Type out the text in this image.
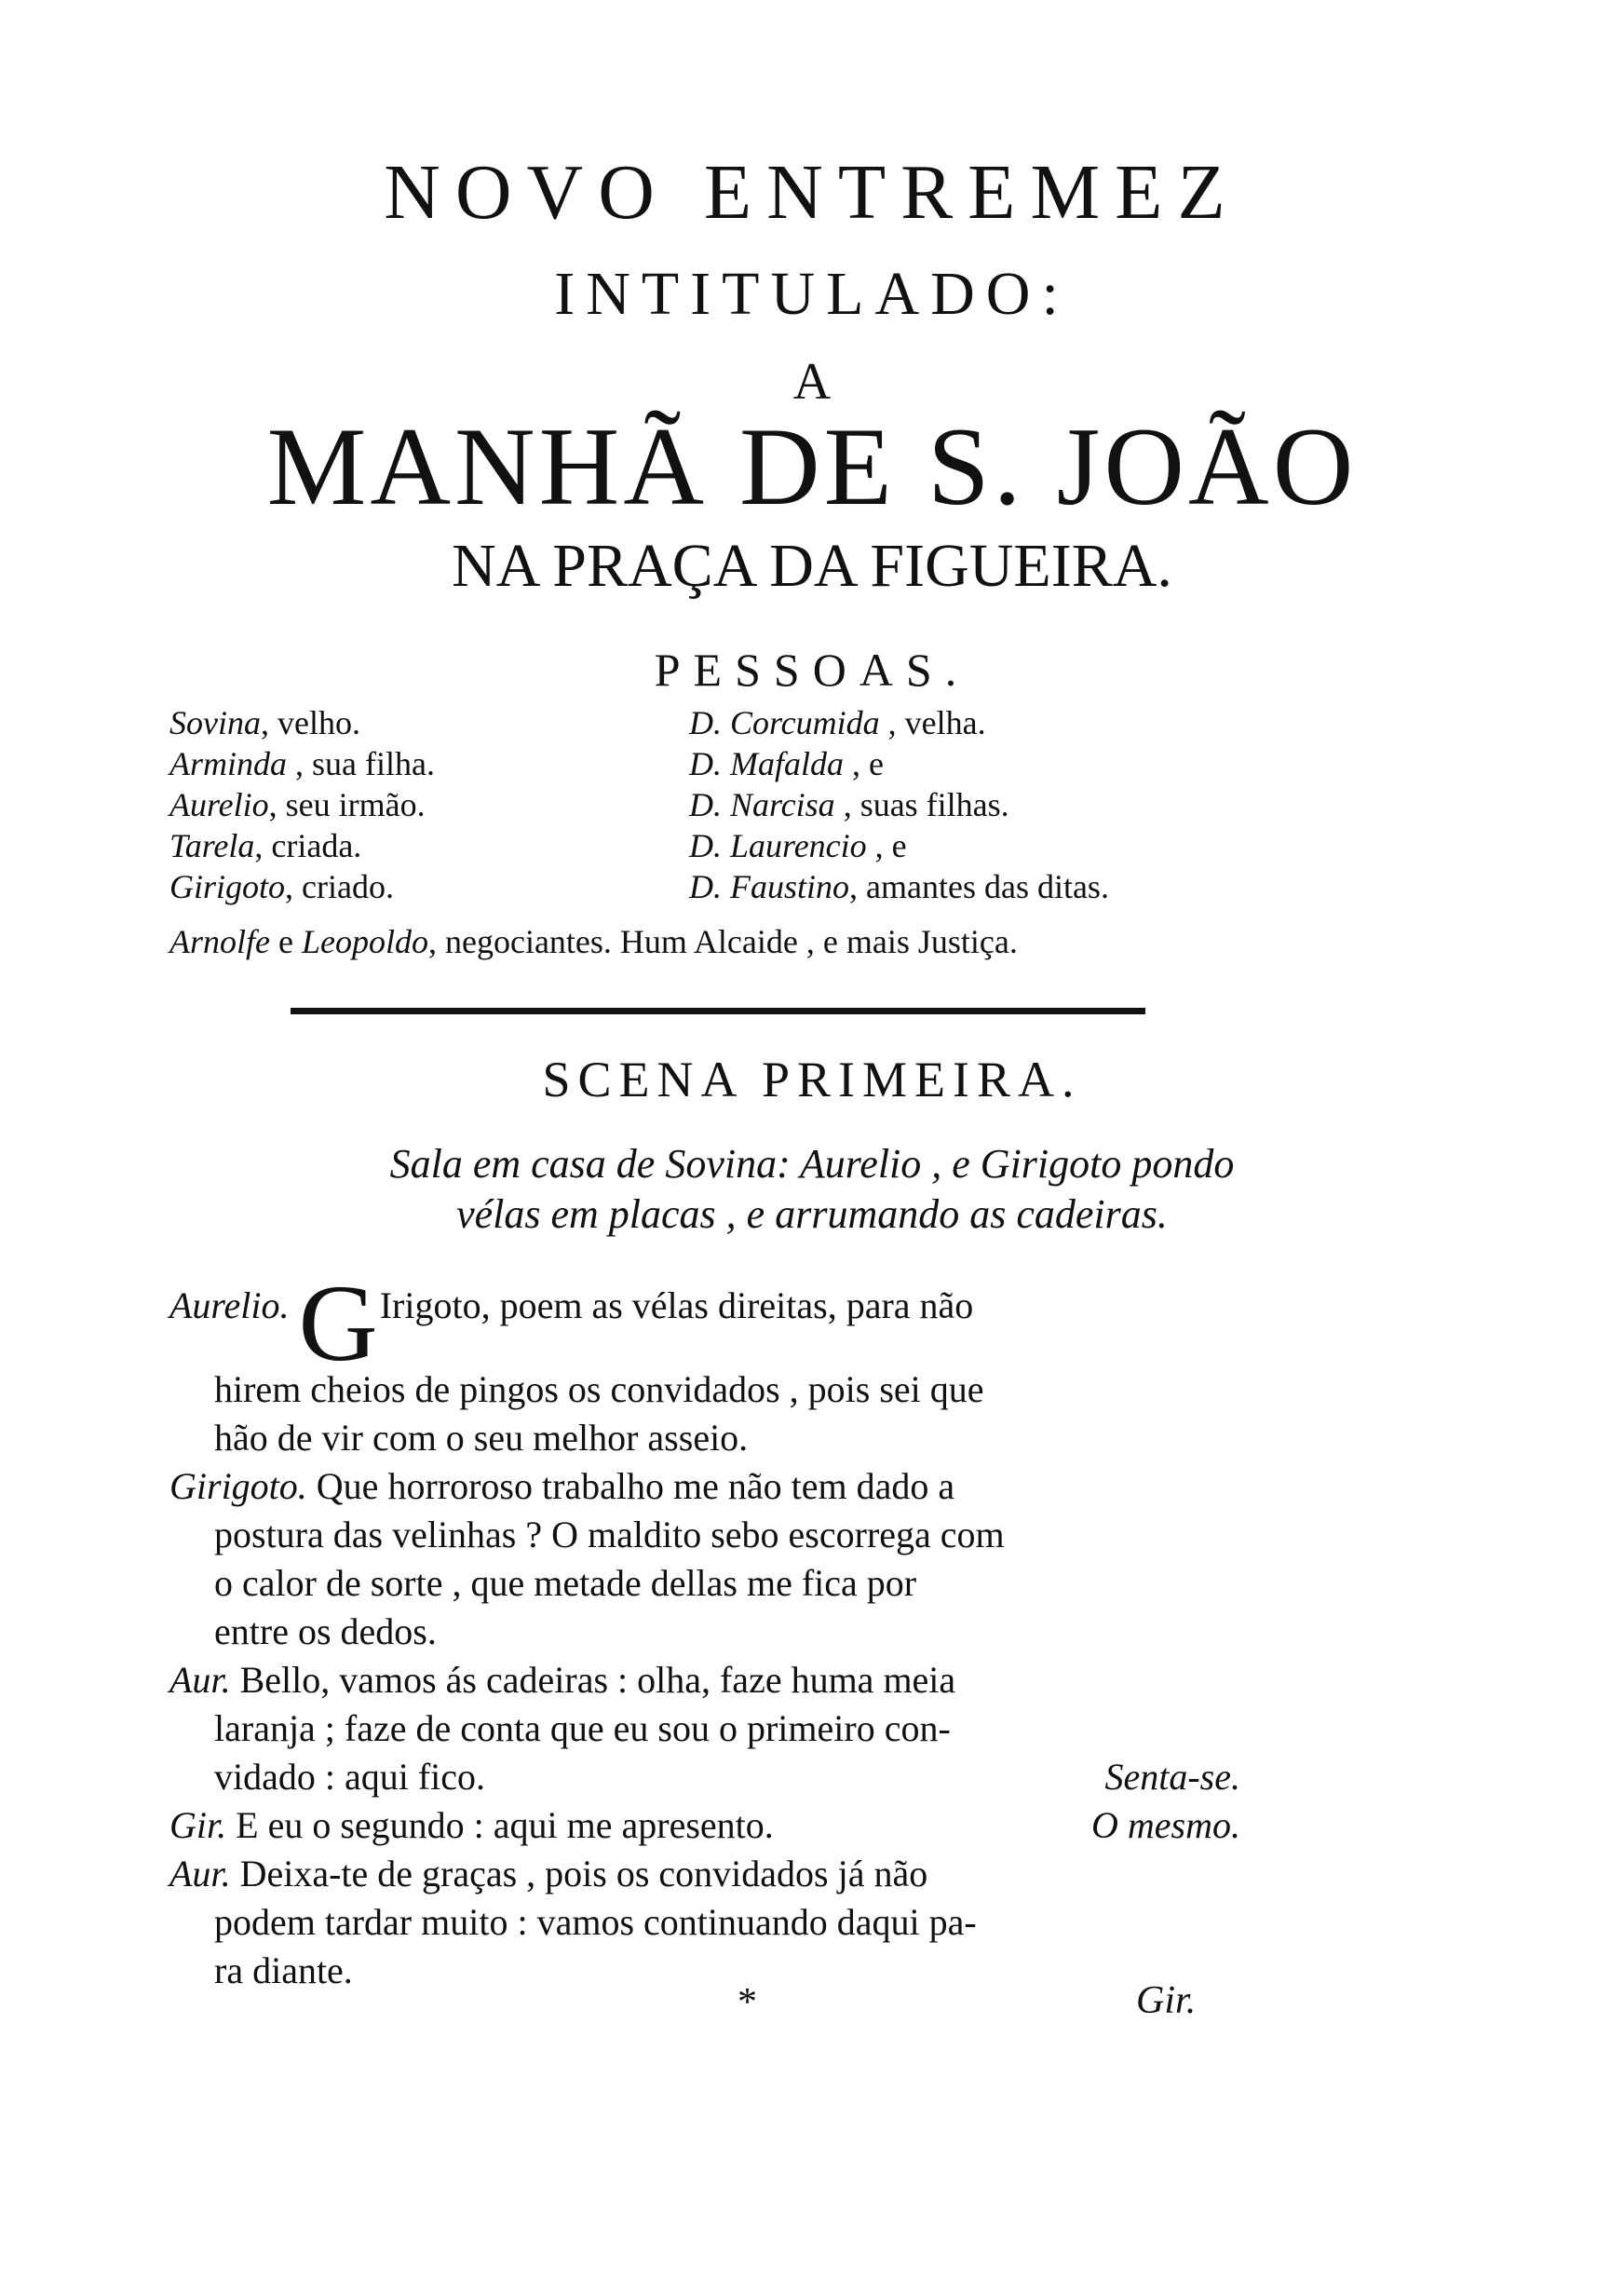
NOVO ENTREMEZ
INTITULADO:
A
MANHÃ DE S. JOÃO
NA PRAÇA DA FIGUEIRA.
PESSOAS.
Sovina, velho.
Arminda , sua filha.
Aurelio, seu irmão.
Tarela, criada.
Girigoto, criado.
D. Corcumida , velha.
D. Mafalda , e
D. Narcisa , suas filhas.
D. Laurencio , e
D. Faustino, amantes das ditas.
Arnolfe e Leopoldo, negociantes. Hum Alcaide , e mais Justiça.
SCENA PRIMEIRA.
Sala em casa de Sovina: Aurelio , e Girigoto pondo
vélas em placas , e arrumando as cadeiras.
Aurelio. GIrigoto, poem as vélas direitas, para não
hirem cheios de pingos os convidados , pois sei que
hão de vir com o seu melhor asseio.
Girigoto. Que horroroso trabalho me não tem dado a
postura das velinhas ? O maldito sebo escorrega com
o calor de sorte , que metade dellas me fica por
entre os dedos.
Aur. Bello, vamos ás cadeiras : olha, faze huma meia
laranja ; faze de conta que eu sou o primeiro con-
vidado : aqui fico.	Senta-se.
Gir. E eu o segundo : aqui me apresento.	O mesmo.
Aur. Deixa-te de graças , pois os convidados já não
podem tardar muito : vamos continuando daqui pa-
ra diante.
*	Gir.
